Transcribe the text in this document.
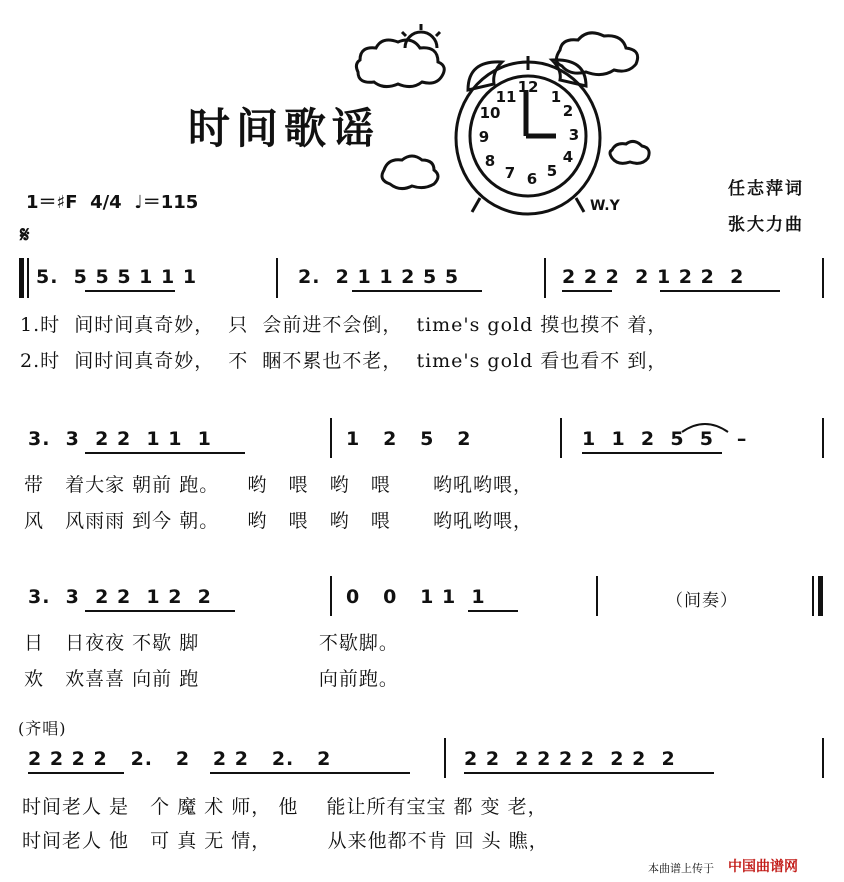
时间歌谣
任志萍词
张大力曲
12
1
2
3
4
5
6
7
8
9
10
11
W.Y
1＝♯F  4/4  ♩＝115
𝄋
5.  5 5 5 1 1 1	2.  2 1 1 2 5 5	2 2 2  2 1 2 2  2
1.时  间时间真奇妙，  只  会前进不会倒，  time's gold 摸也摸不 着，
2.时  间时间真奇妙，  不  睏不累也不老，  time's gold 看也看不 到，
3.  3  2 2  1 1  1	1   2   5   2	1  1  2  5  5   –
带   着大家 朝前 跑。    哟   喂   哟   喂      哟吼哟喂，
风   风雨雨 到今 朝。    哟   喂   哟   喂      哟吼哟喂，
3.  3  2 2  1 2  2	0   0   1 1  1	（间奏）
日   日夜夜 不歇 脚                 不歇脚。
欢   欢喜喜 向前 跑                 向前跑。
(齐唱)
2 2 2 2   2.   2   2 2   2.   2	2 2  2 2 2 2  2 2  2
时间老人 是   个 魔 术 师， 他    能让所有宝宝 都 变 老，
时间老人 他   可 真 无 情，        从来他都不肯 回 头 瞧，
本曲谱上传于 中国曲谱网
